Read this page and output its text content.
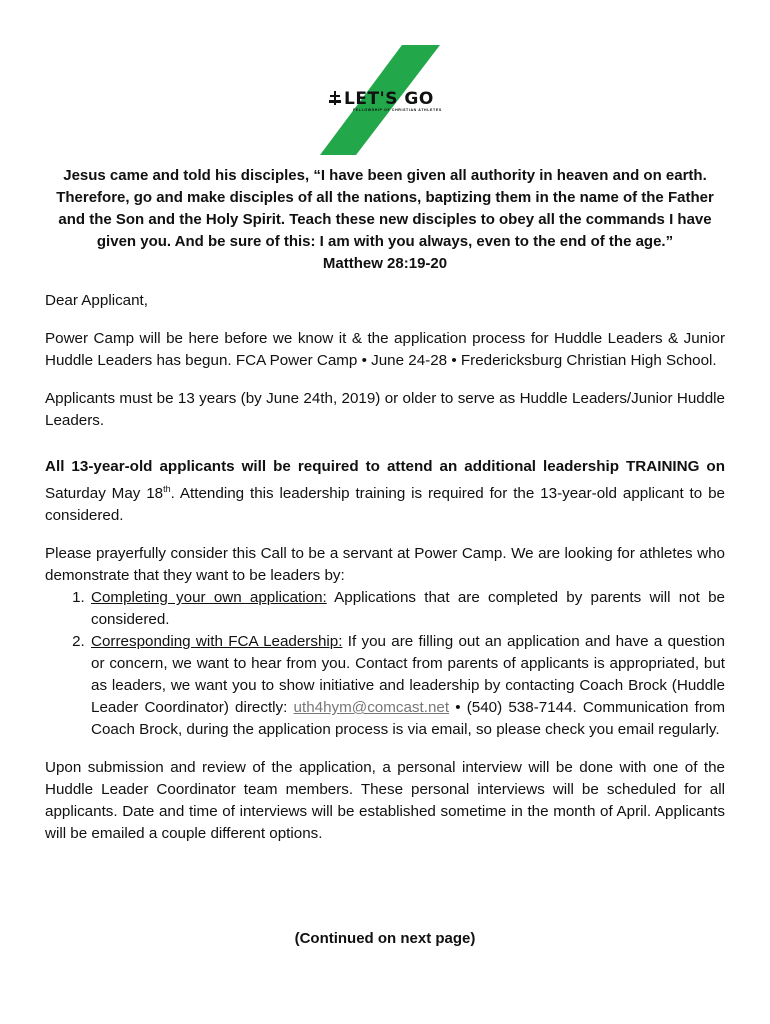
LET'S GO
FELLOWSHIP OF CHRISTIAN ATHLETES
Jesus came and told his disciples, “I have been given all authority in heaven and on earth. Therefore, go and make disciples of all the nations, baptizing them in the name of the Father and the Son and the Holy Spirit. Teach these new disciples to obey all the commands I have given you. And be sure of this: I am with you always, even to the end of the age.”
Matthew 28:19-20

Dear Applicant,

Power Camp will be here before we know it & the application process for Huddle Leaders & Junior Huddle Leaders has begun. FCA Power Camp • June 24-28 • Fredericksburg Christian High School.

Applicants must be 13 years (by June 24th, 2019) or older to serve as Huddle Leaders/Junior Huddle Leaders.

All 13-year-old applicants will be required to attend an additional leadership TRAINING on Saturday May 18th. Attending this leadership training is required for the 13-year-old applicant to be considered.

Please prayerfully consider this Call to be a servant at Power Camp. We are looking for athletes who demonstrate that they want to be leaders by:

1. Completing your own application: Applications that are completed by parents will not be considered.
2. Corresponding with FCA Leadership: If you are filling out an application and have a question or concern, we want to hear from you. Contact from parents of applicants is appropriated, but as leaders, we want you to show initiative and leadership by contacting Coach Brock (Huddle Leader Coordinator) directly: uth4hym@comcast.net • (540) 538-7144. Communication from Coach Brock, during the application process is via email, so please check you email regularly.

Upon submission and review of the application, a personal interview will be done with one of the Huddle Leader Coordinator team members. These personal interviews will be scheduled for all applicants. Date and time of interviews will be established sometime in the month of April. Applicants will be emailed a couple different options.

(Continued on next page)
